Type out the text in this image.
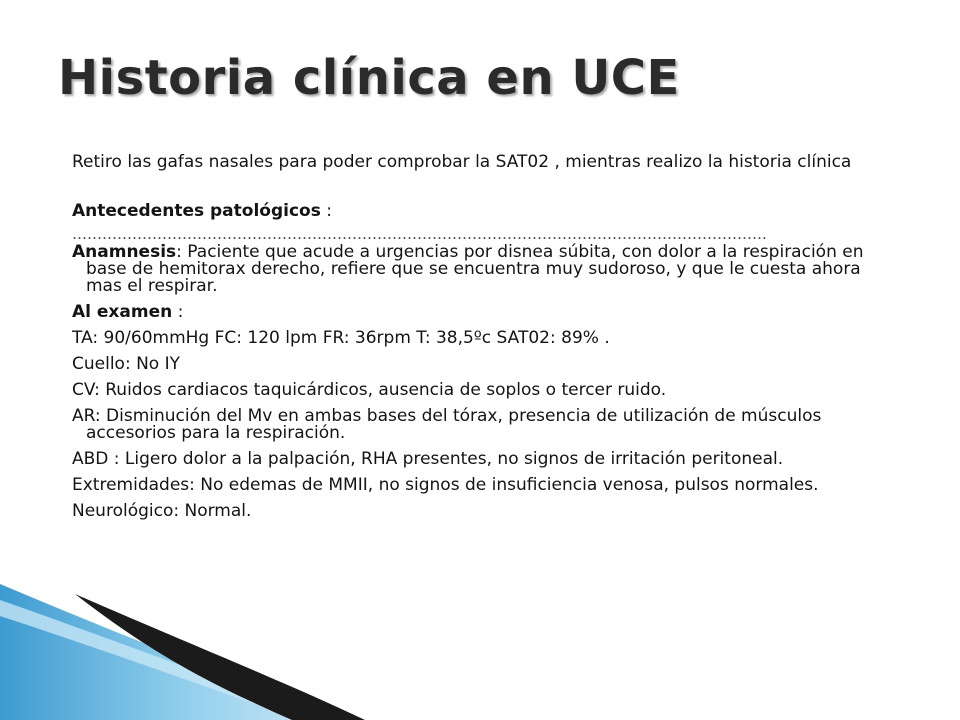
Historia clínica en UCE

Retiro las gafas nasales para poder comprobar la SAT02 , mientras realizo la historia clínica

Antecedentes patológicos :

………………………………………………………………………………………………………………………….

Anamnesis: Paciente que acude a urgencias por disnea súbita, con dolor a la respiración en base de hemitorax derecho, refiere que se encuentra muy sudoroso, y que le cuesta ahora mas el respirar.

Al examen :

TA: 90/60mmHg FC: 120 lpm FR: 36rpm T: 38,5ºc SAT02: 89% .

Cuello: No IY

CV: Ruidos cardiacos taquicárdicos, ausencia de soplos o tercer ruido.

AR: Disminución del Mv en ambas bases del tórax, presencia de utilización de músculos accesorios para la respiración.

ABD : Ligero dolor a la palpación, RHA presentes, no signos de irritación peritoneal.

Extremidades: No edemas de MMII, no signos de insuficiencia venosa, pulsos normales.

Neurológico: Normal.
